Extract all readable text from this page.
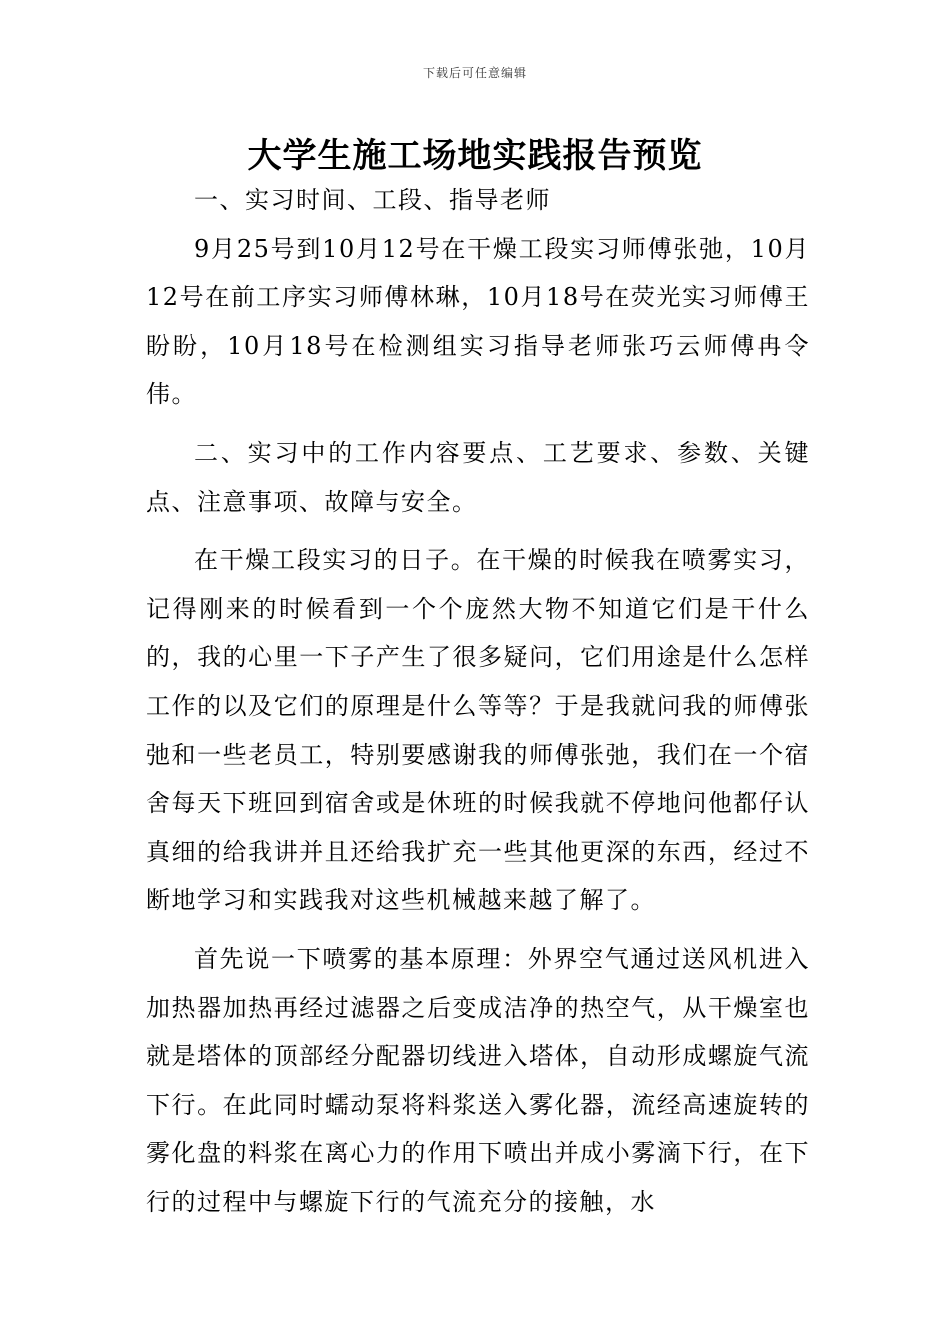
下载后可任意编辑
大学生施工场地实践报告预览

一、实习时间、工段、指导老师

9月25号到10月12号在干燥工段实习师傅张弛，10月12号在前工序实习师傅林琳，10月18号在荧光实习师傅王盼盼，10月18号在检测组实习指导老师张巧云师傅冉令伟。

二、实习中的工作内容要点、工艺要求、参数、关键点、注意事项、故障与安全。

在干燥工段实习的日子。在干燥的时候我在喷雾实习，记得刚来的时候看到一个个庞然大物不知道它们是干什么的，我的心里一下子产生了很多疑问，它们用途是什么怎样工作的以及它们的原理是什么等等？于是我就问我的师傅张弛和一些老员工，特别要感谢我的师傅张弛，我们在一个宿舍每天下班回到宿舍或是休班的时候我就不停地问他都仔认真细的给我讲并且还给我扩充一些其他更深的东西，经过不断地学习和实践我对这些机械越来越了解了。

首先说一下喷雾的基本原理：外界空气通过送风机进入加热器加热再经过滤器之后变成洁净的热空气，从干燥室也就是塔体的顶部经分配器切线进入塔体，自动形成螺旋气流下行。在此同时蠕动泵将料浆送入雾化器，流经高速旋转的雾化盘的料浆在离心力的作用下喷出并成小雾滴下行，在下行的过程中与螺旋下行的气流充分的接触，水
